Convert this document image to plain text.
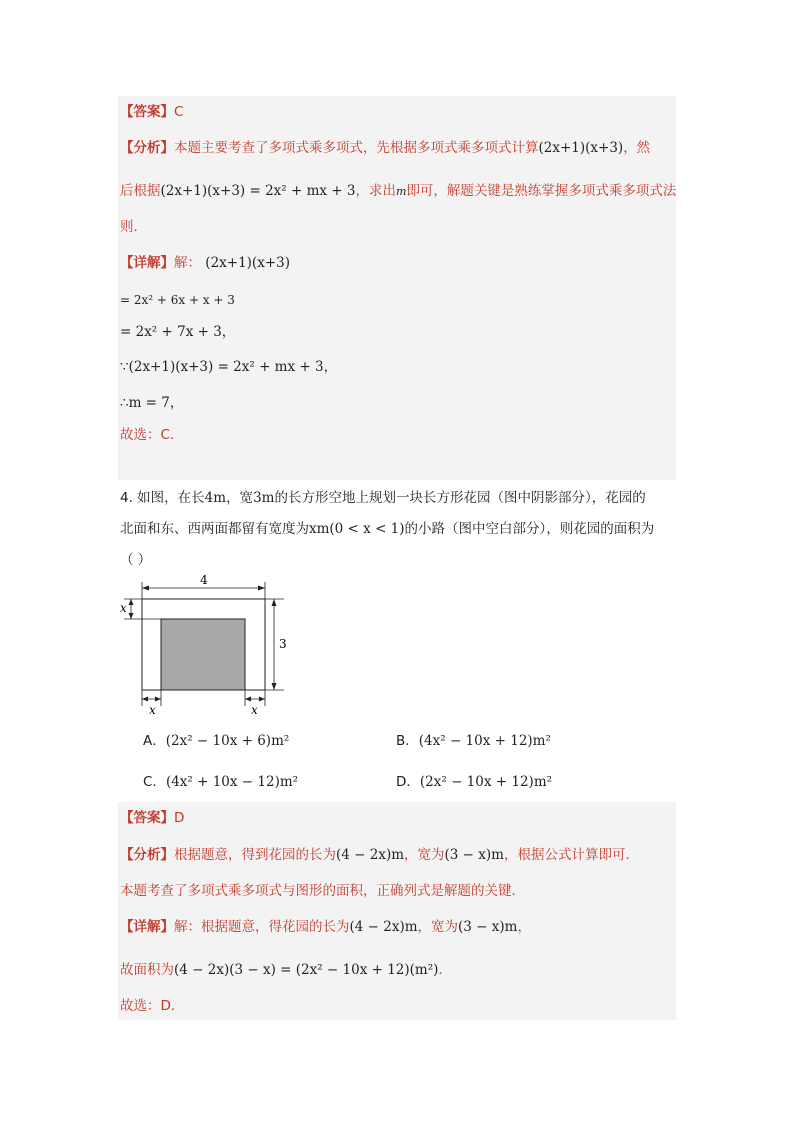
【答案】C
【分析】本题主要考查了多项式乘多项式，先根据多项式乘多项式计算(2x+1)(x+3)，然
后根据(2x+1)(x+3) = 2x² + mx + 3，求出m即可，解题关键是熟练掌握多项式乘多项式法
则．
【详解】解： (2x+1)(x+3)
= 2x² + 6x + x + 3
= 2x² + 7x + 3，
∵(2x+1)(x+3) = 2x² + mx + 3，
∴m = 7，
故选：C．
4. 如图，在长4m，宽3m的长方形空地上规划一块长方形花园（图中阴影部分），花园的
北面和东、西两面都留有宽度为xm(0 < x < 1)的小路（图中空白部分），则花园的面积为
（ ）
4
3
x
x	x
A．(2x² − 10x + 6)m²	B．(4x² − 10x + 12)m²
C．(4x² + 10x − 12)m²	D．(2x² − 10x + 12)m²
【答案】D
【分析】根据题意，得到花园的长为(4 − 2x)m，宽为(3 − x)m，根据公式计算即可．
本题考查了多项式乘多项式与图形的面积，正确列式是解题的关键．
【详解】解：根据题意，得花园的长为(4 − 2x)m，宽为(3 − x)m，
故面积为(4 − 2x)(3 − x) = (2x² − 10x + 12)(m²)．
故选：D．
